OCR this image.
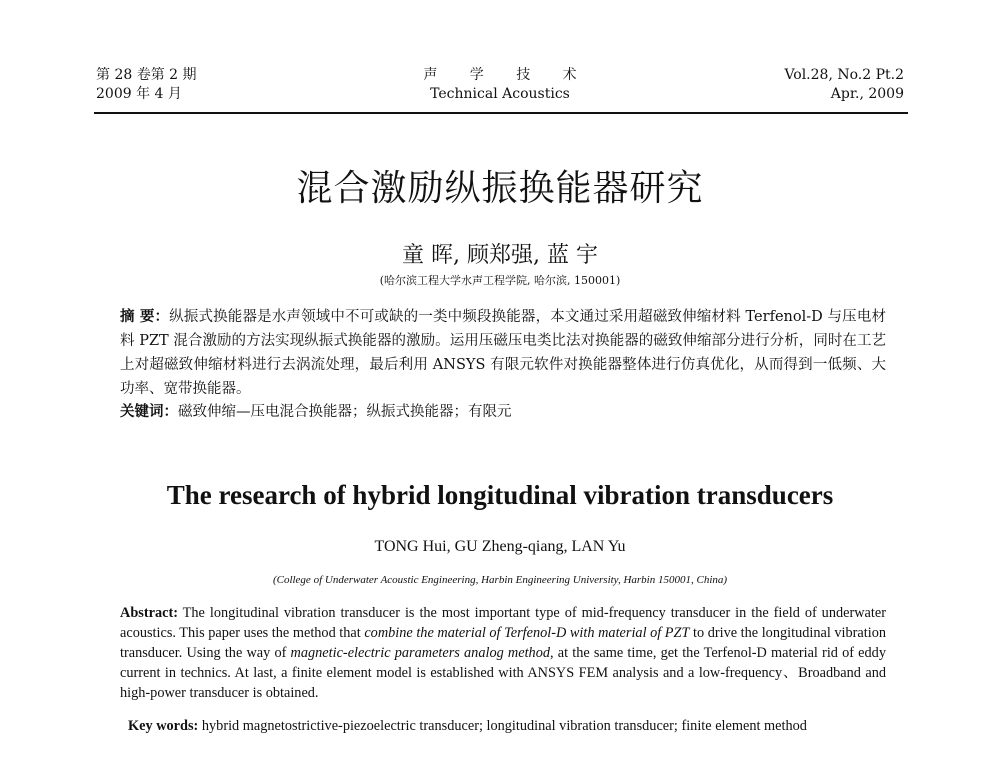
第 28 卷第 2 期
2009 年 4 月
声 学 技 术
Technical Acoustics
Vol.28, No.2 Pt.2
Apr., 2009
混合激励纵振换能器研究
童 晖, 顾郑强, 蓝 宇
(哈尔滨工程大学水声工程学院, 哈尔滨, 150001)
摘 要：纵振式换能器是水声领域中不可或缺的一类中频段换能器，本文通过采用超磁致伸缩材料 Terfenol-D 与压电材料 PZT 混合激励的方法实现纵振式换能器的激励。运用压磁压电类比法对换能器的磁致伸缩部分进行分析，同时在工艺上对超磁致伸缩材料进行去涡流处理，最后利用 ANSYS 有限元软件对换能器整体进行仿真优化，从而得到一低频、大功率、宽带换能器。
关键词：磁致伸缩—压电混合换能器；纵振式换能器；有限元
The research of hybrid longitudinal vibration transducers
TONG Hui, GU Zheng-qiang, LAN Yu
(College of Underwater Acoustic Engineering, Harbin Engineering University, Harbin 150001, China)
Abstract: The longitudinal vibration transducer is the most important type of mid-frequency transducer in the field of underwater acoustics. This paper uses the method that combine the material of Terfenol-D with material of PZT to drive the longitudinal vibration transducer. Using the way of magnetic-electric parameters analog method, at the same time, get the Terfenol-D material rid of eddy current in technics. At last, a finite element model is established with ANSYS FEM analysis and a low-frequency、Broadband and high-power transducer is obtained.
Key words: hybrid magnetostrictive-piezoelectric transducer; longitudinal vibration transducer; finite element method
